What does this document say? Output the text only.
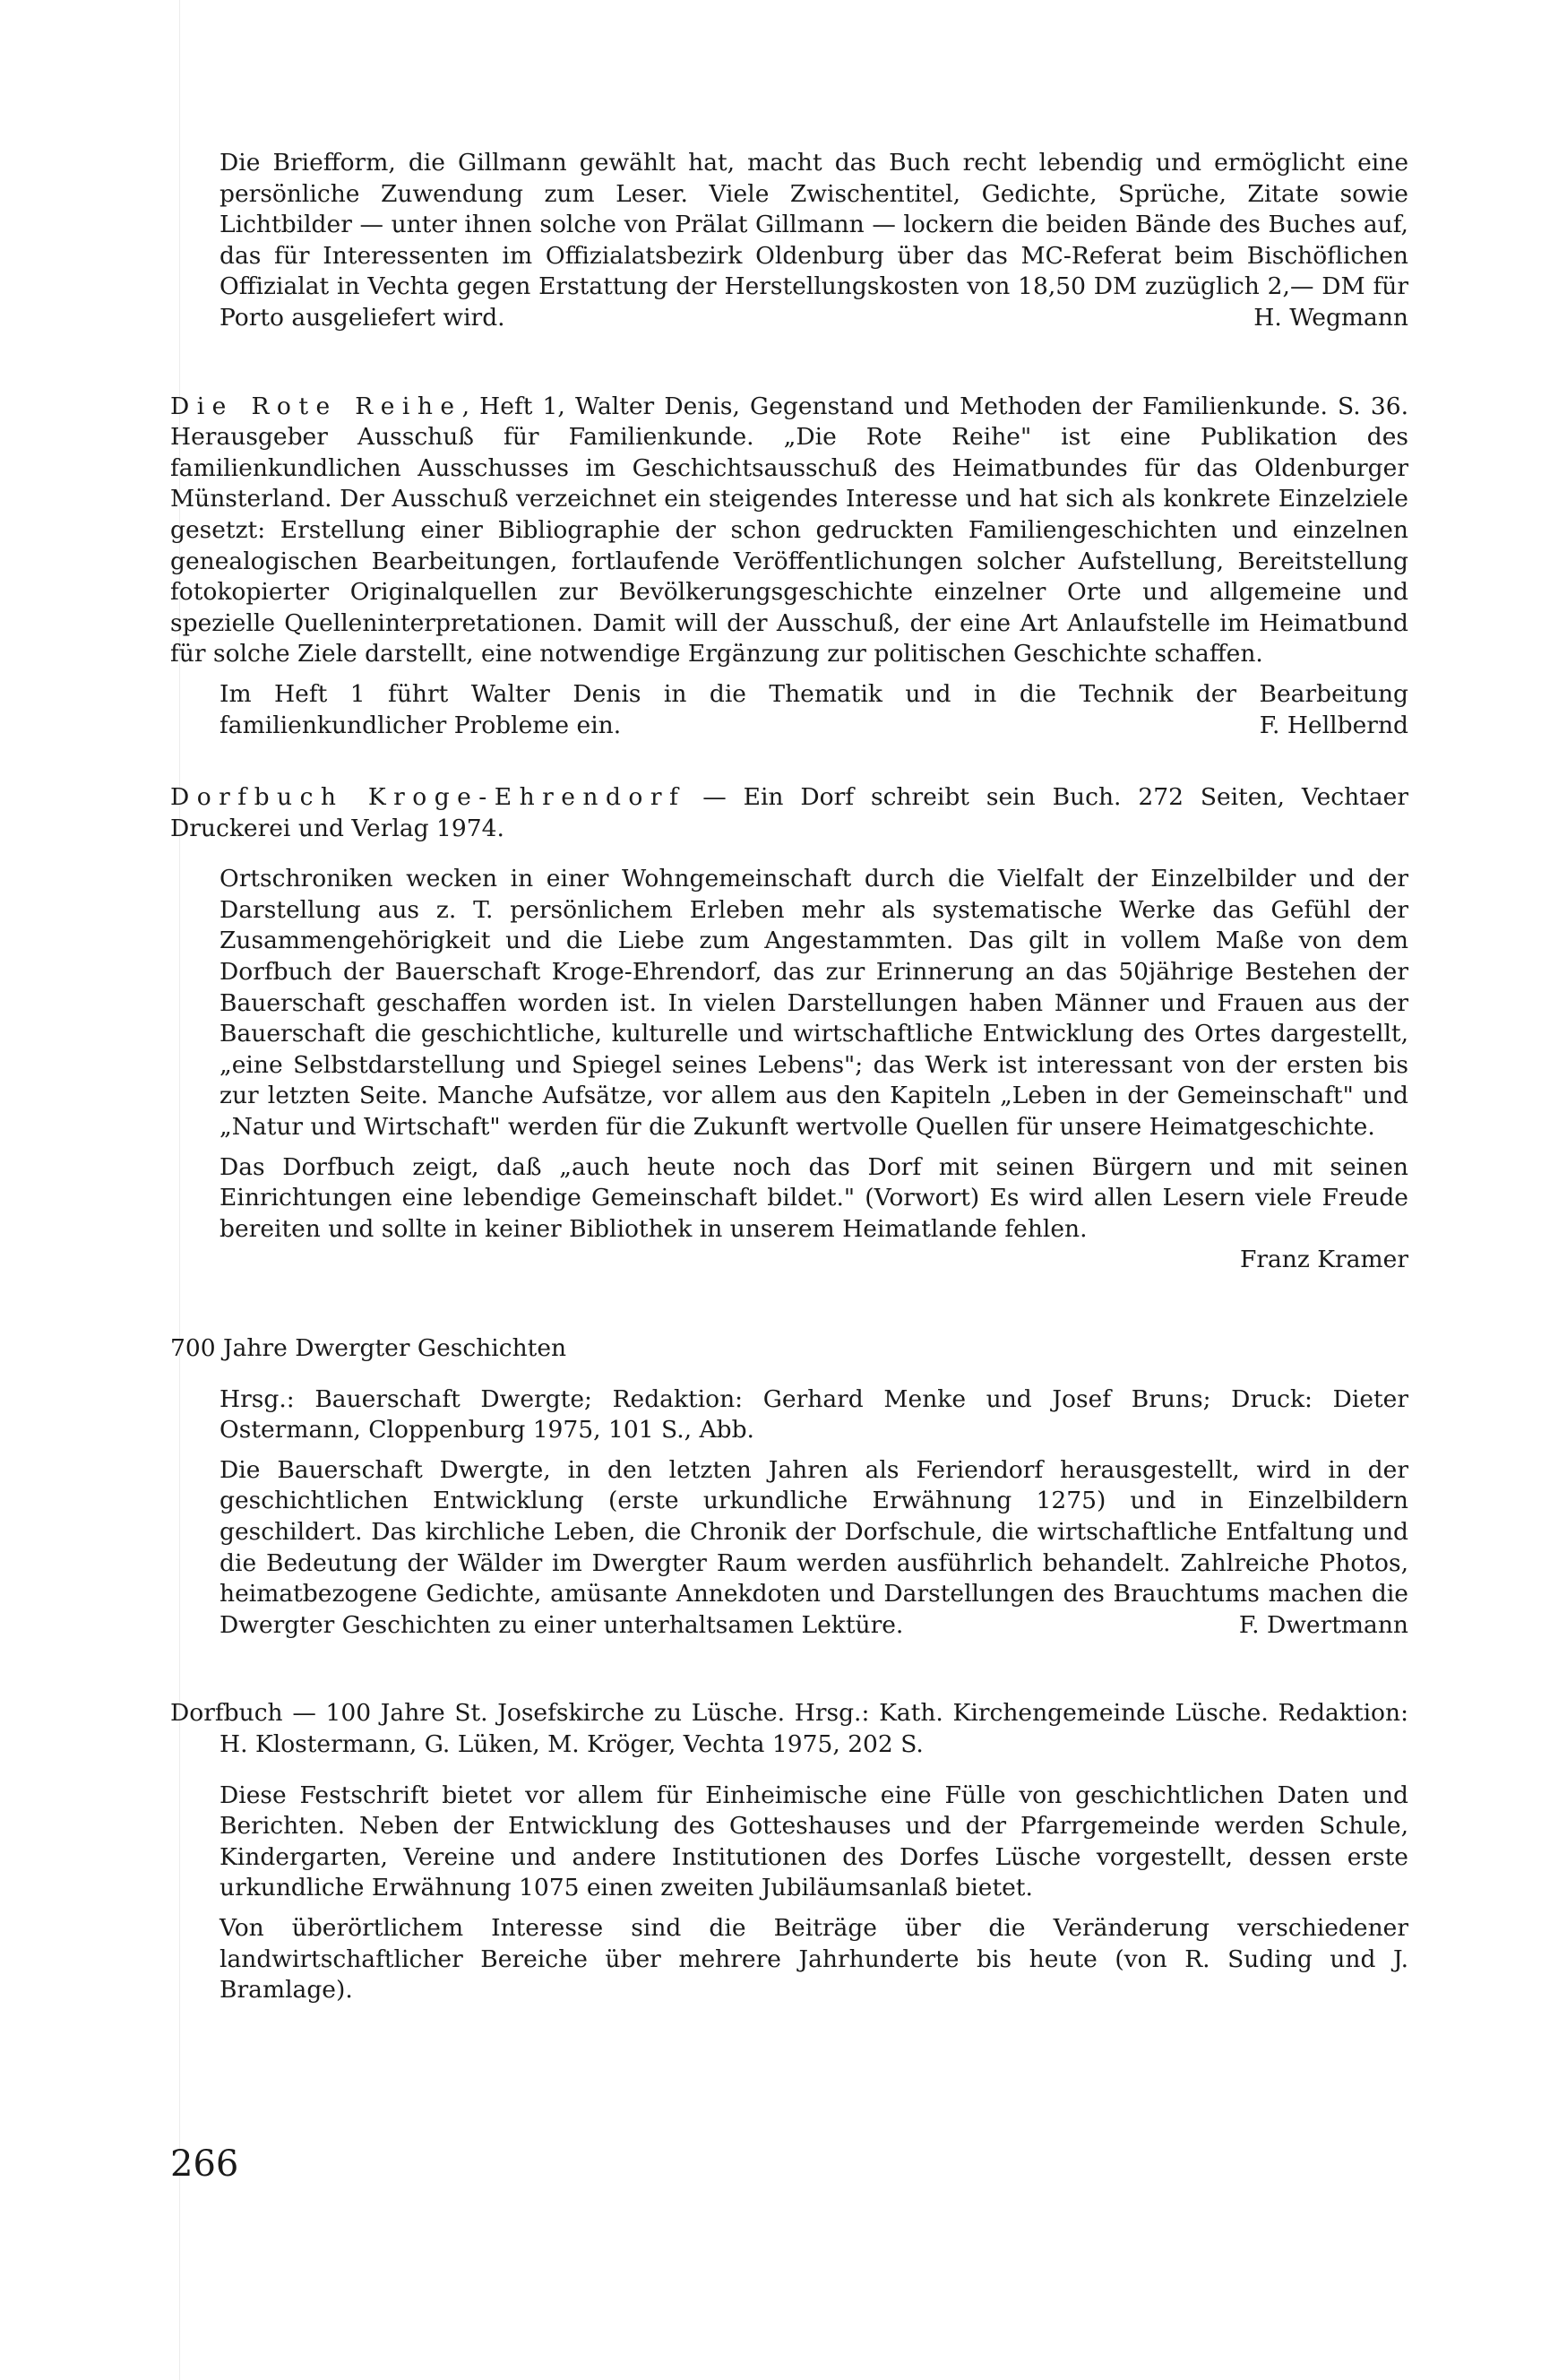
Die Briefform, die Gillmann gewählt hat, macht das Buch recht lebendig und ermöglicht eine persönliche Zuwendung zum Leser. Viele Zwischentitel, Gedichte, Sprüche, Zitate sowie Lichtbilder — unter ihnen solche von Prälat Gillmann — lockern die beiden Bände des Buches auf, das für Interessenten im Offizialatsbezirk Oldenburg über das MC-Referat beim Bischöflichen Offizialat in Vechta gegen Erstattung der Herstellungskosten von 18,50 DM zuzüglich 2,— DM für Porto ausgeliefert wird.	H. Wegmann

Die Rote Reihe, Heft 1, Walter Denis, Gegenstand und Methoden der Familienkunde. S. 36. Herausgeber Ausschuß für Familienkunde. „Die Rote Reihe" ist eine Publikation des familienkundlichen Ausschusses im Geschichtsausschuß des Heimatbundes für das Oldenburger Münsterland. Der Ausschuß verzeichnet ein steigendes Interesse und hat sich als konkrete Einzelziele gesetzt: Erstellung einer Bibliographie der schon gedruckten Familiengeschichten und einzelnen genealogischen Bearbeitungen, fortlaufende Veröffentlichungen solcher Aufstellung, Bereitstellung fotokopierter Originalquellen zur Bevölkerungsgeschichte einzelner Orte und allgemeine und spezielle Quelleninterpretationen. Damit will der Ausschuß, der eine Art Anlaufstelle im Heimatbund für solche Ziele darstellt, eine notwendige Ergänzung zur politischen Geschichte schaffen.

Im Heft 1 führt Walter Denis in die Thematik und in die Technik der Bearbeitung familienkundlicher Probleme ein.	F. Hellbernd

Dorfbuch Kroge-Ehrendorf — Ein Dorf schreibt sein Buch. 272 Seiten, Vechtaer Druckerei und Verlag 1974.

Ortschroniken wecken in einer Wohngemeinschaft durch die Vielfalt der Einzelbilder und der Darstellung aus z. T. persönlichem Erleben mehr als systematische Werke das Gefühl der Zusammengehörigkeit und die Liebe zum Angestammten. Das gilt in vollem Maße von dem Dorfbuch der Bauerschaft Kroge-Ehrendorf, das zur Erinnerung an das 50jährige Bestehen der Bauerschaft geschaffen worden ist. In vielen Darstellungen haben Männer und Frauen aus der Bauerschaft die geschichtliche, kulturelle und wirtschaftliche Entwicklung des Ortes dargestellt, „eine Selbstdarstellung und Spiegel seines Lebens"; das Werk ist interessant von der ersten bis zur letzten Seite. Manche Aufsätze, vor allem aus den Kapiteln „Leben in der Gemeinschaft" und „Natur und Wirtschaft" werden für die Zukunft wertvolle Quellen für unsere Heimatgeschichte.

Das Dorfbuch zeigt, daß „auch heute noch das Dorf mit seinen Bürgern und mit seinen Einrichtungen eine lebendige Gemeinschaft bildet." (Vorwort) Es wird allen Lesern viele Freude bereiten und sollte in keiner Bibliothek in unserem Heimatlande fehlen.

Franz Kramer

700 Jahre Dwergter Geschichten

Hrsg.: Bauerschaft Dwergte; Redaktion: Gerhard Menke und Josef Bruns; Druck: Dieter Ostermann, Cloppenburg 1975, 101 S., Abb.

Die Bauerschaft Dwergte, in den letzten Jahren als Feriendorf herausgestellt, wird in der geschichtlichen Entwicklung (erste urkundliche Erwähnung 1275) und in Einzelbildern geschildert. Das kirchliche Leben, die Chronik der Dorfschule, die wirtschaftliche Entfaltung und die Bedeutung der Wälder im Dwergter Raum werden ausführlich behandelt. Zahlreiche Photos, heimatbezogene Gedichte, amüsante Annekdoten und Darstellungen des Brauchtums machen die Dwergter Geschichten zu einer unterhaltsamen Lektüre.	F. Dwertmann

Dorfbuch — 100 Jahre St. Josefskirche zu Lüsche. Hrsg.: Kath. Kirchengemeinde Lüsche. Redaktion: H. Klostermann, G. Lüken, M. Kröger, Vechta 1975, 202 S.

Diese Festschrift bietet vor allem für Einheimische eine Fülle von geschichtlichen Daten und Berichten. Neben der Entwicklung des Gotteshauses und der Pfarrgemeinde werden Schule, Kindergarten, Vereine und andere Institutionen des Dorfes Lüsche vorgestellt, dessen erste urkundliche Erwähnung 1075 einen zweiten Jubiläumsanlaß bietet.

Von überörtlichem Interesse sind die Beiträge über die Veränderung verschiedener landwirtschaftlicher Bereiche über mehrere Jahrhunderte bis heute (von R. Suding und J. Bramlage).

266
